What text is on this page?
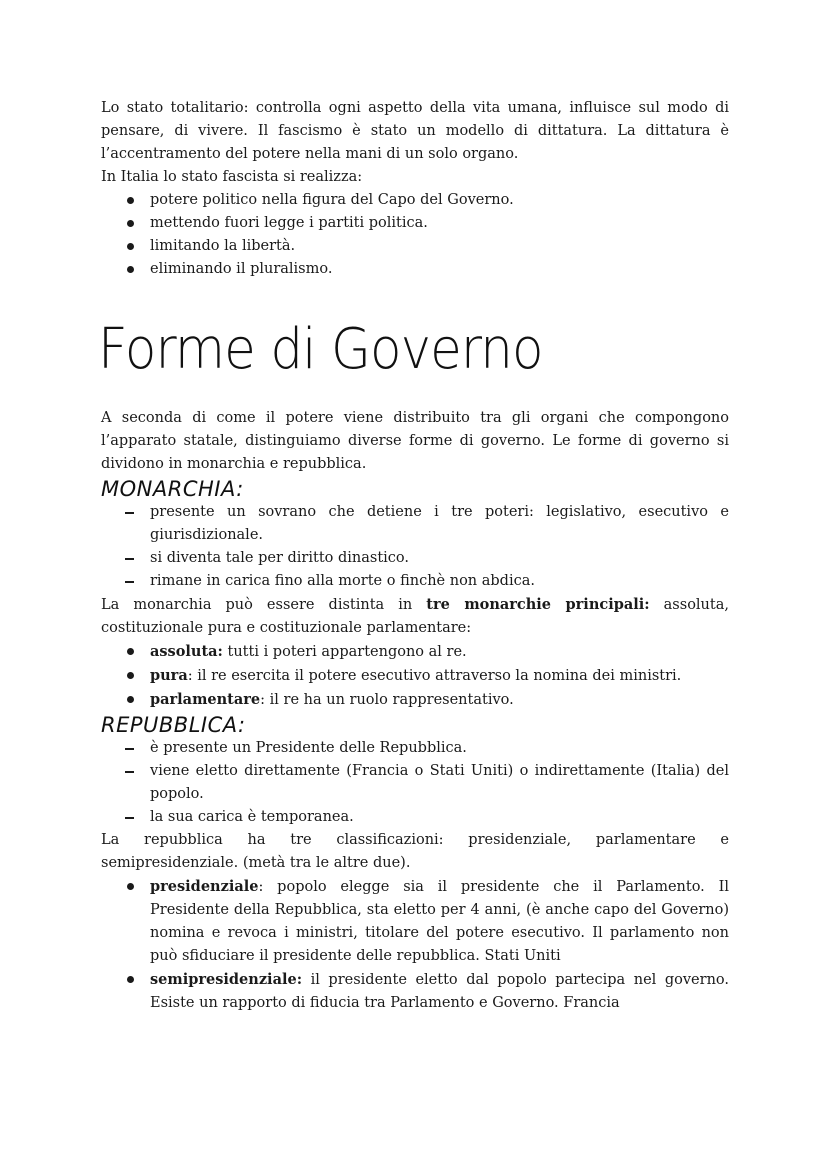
Lo stato totalitario: controlla ogni aspetto della vita umana, influisce sul modo di pensare, di vivere. Il fascismo è stato un modello di dittatura. La dittatura è l’accentramento del potere nella mani di un solo organo.

In Italia lo stato fascista si realizza:

potere politico nella figura del Capo del Governo.
mettendo fuori legge i partiti politica.
limitando la libertà.
eliminando il pluralismo.
Forme di Governo

A seconda di come il potere viene distribuito tra gli organi che compongono l’apparato statale, distinguiamo diverse forme di governo. Le forme di governo si dividono in monarchia e repubblica.

MONARCHIA:
presente un sovrano che detiene i tre poteri: legislativo, esecutivo e giurisdizionale.
si diventa tale per diritto dinastico.
rimane in carica fino alla morte o finchè non abdica.

La monarchia può essere distinta in tre monarchie principali: assoluta, costituzionale pura e costituzionale parlamentare:

assoluta: tutti i poteri appartengono al re.
pura: il re esercita il potere esecutivo attraverso la nomina dei ministri.
parlamentare: il re ha un ruolo rappresentativo.
REPUBBLICA:
è presente un Presidente delle Repubblica.
viene eletto direttamente (Francia o Stati Uniti) o indirettamente (Italia) del popolo.
la sua carica è temporanea.

La repubblica ha tre classificazioni: presidenziale, parlamentare e semipresidenziale. (metà tra le altre due).

presidenziale: popolo elegge sia il presidente che il Parlamento. Il Presidente della Repubblica, sta eletto per 4 anni, (è anche capo del Governo) nomina e revoca i ministri, titolare del potere esecutivo. Il parlamento non può sfiduciare il presidente delle repubblica. Stati Uniti
semipresidenziale: il presidente eletto dal popolo partecipa nel governo. Esiste un rapporto di fiducia tra Parlamento e Governo. Francia
